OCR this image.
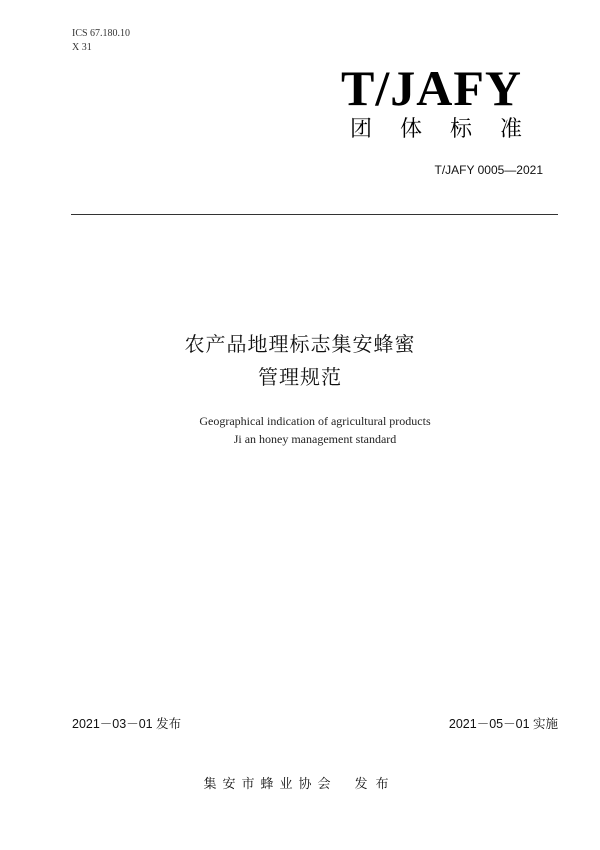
ICS 67.180.10
X 31
T/JAFY
团体标准
T/JAFY 0005—2021
农产品地理标志集安蜂蜜
管理规范
Geographical indication of agricultural products
Ji an honey management standard
2021－03－01 发布	2021－05－01 实施
集安市蜂业协会 发布
